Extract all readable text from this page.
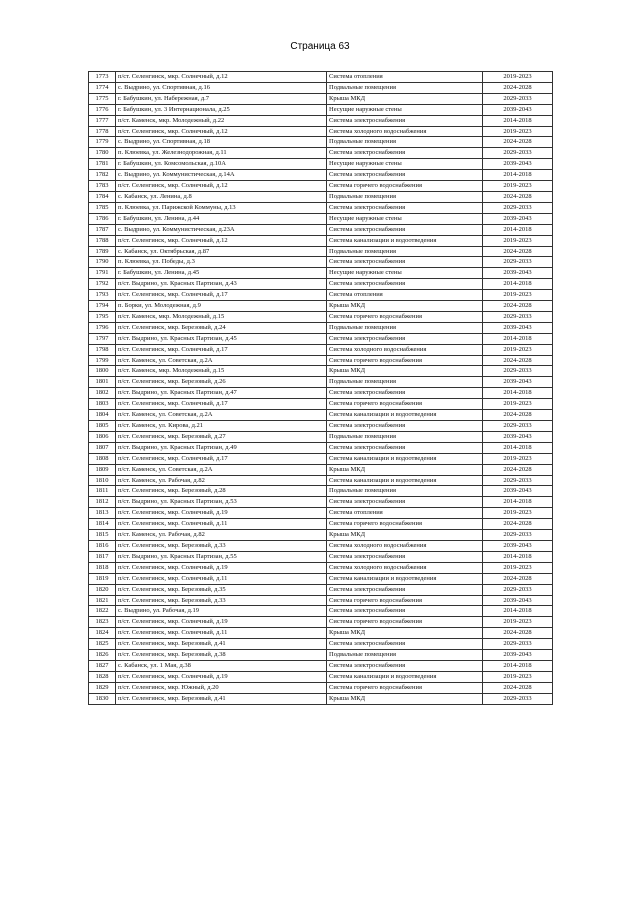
Страница 63
1773	п/ст. Селенгинск, мкр. Солнечный, д.12	Система отопления	2019-2023
1774	с. Выдрино, ул. Спортивная, д.16	Подвальные помещения	2024-2028
1775	г. Бабушкин, ул. Набережная, д.7	Крыша МКД	2029-2033
1776	г. Бабушкин, ул. 3 Интернационала, д.25	Несущие наружные стены	2039-2043
1777	п/ст. Каменск, мкр. Молодежный, д.22	Система электроснабжения	2014-2018
1778	п/ст. Селенгинск, мкр. Солнечный, д.12	Система холодного водоснабжения	2019-2023
1779	с. Выдрино, ул. Спортивная, д.18	Подвальные помещения	2024-2028
1780	п. Клюевка, ул. Железнодорожная, д.11	Система электроснабжения	2029-2033
1781	г. Бабушкин, ул. Комсомольская, д.10А	Несущие наружные стены	2039-2043
1782	с. Выдрино, ул. Коммунистическая, д.14А	Система электроснабжения	2014-2018
1783	п/ст. Селенгинск, мкр. Солнечный, д.12	Система горячего водоснабжения	2019-2023
1784	с. Кабанск, ул. Ленина, д.8	Подвальные помещения	2024-2028
1785	п. Клюевка, ул. Парижской Коммуны, д.13	Система электроснабжения	2029-2033
1786	г. Бабушкин, ул. Ленина, д.44	Несущие наружные стены	2039-2043
1787	с. Выдрино, ул. Коммунистическая, д.23А	Система электроснабжения	2014-2018
1788	п/ст. Селенгинск, мкр. Солнечный, д.12	Система канализации и водоотведения	2019-2023
1789	с. Кабанск, ул. Октябрьская, д.87	Подвальные помещения	2024-2028
1790	п. Клюевка, ул. Победы, д.3	Система электроснабжения	2029-2033
1791	г. Бабушкин, ул. Ленина, д.45	Несущие наружные стены	2039-2043
1792	п/ст. Выдрино, ул. Красных Партизан, д.43	Система электроснабжения	2014-2018
1793	п/ст. Селенгинск, мкр. Солнечный, д.17	Система отопления	2019-2023
1794	п. Борки, ул. Молодежная, д.9	Крыша МКД	2024-2028
1795	п/ст. Каменск, мкр. Молодежный, д.15	Система горячего водоснабжения	2029-2033
1796	п/ст. Селенгинск, мкр. Березовый, д.24	Подвальные помещения	2039-2043
1797	п/ст. Выдрино, ул. Красных Партизан, д.45	Система электроснабжения	2014-2018
1798	п/ст. Селенгинск, мкр. Солнечный, д.17	Система холодного водоснабжения	2019-2023
1799	п/ст. Каменск, ул. Советская, д.2А	Система горячего водоснабжения	2024-2028
1800	п/ст. Каменск, мкр. Молодежный, д.15	Крыша МКД	2029-2033
1801	п/ст. Селенгинск, мкр. Березовый, д.26	Подвальные помещения	2039-2043
1802	п/ст. Выдрино, ул. Красных Партизан, д.47	Система электроснабжения	2014-2018
1803	п/ст. Селенгинск, мкр. Солнечный, д.17	Система горячего водоснабжения	2019-2023
1804	п/ст. Каменск, ул. Советская, д.2А	Система канализации и водоотведения	2024-2028
1805	п/ст. Каменск, ул. Кирова, д.21	Система электроснабжения	2029-2033
1806	п/ст. Селенгинск, мкр. Березовый, д.27	Подвальные помещения	2039-2043
1807	п/ст. Выдрино, ул. Красных Партизан, д.49	Система электроснабжения	2014-2018
1808	п/ст. Селенгинск, мкр. Солнечный, д.17	Система канализации и водоотведения	2019-2023
1809	п/ст. Каменск, ул. Советская, д.2А	Крыша МКД	2024-2028
1810	п/ст. Каменск, ул. Рабочая, д.82	Система канализации и водоотведения	2029-2033
1811	п/ст. Селенгинск, мкр. Березовый, д.28	Подвальные помещения	2039-2043
1812	п/ст. Выдрино, ул. Красных Партизан, д.53	Система электроснабжения	2014-2018
1813	п/ст. Селенгинск, мкр. Солнечный, д.19	Система отопления	2019-2023
1814	п/ст. Селенгинск, мкр. Солнечный, д.11	Система горячего водоснабжения	2024-2028
1815	п/ст. Каменск, ул. Рабочая, д.82	Крыша МКД	2029-2033
1816	п/ст. Селенгинск, мкр. Березовый, д.33	Система холодного водоснабжения	2039-2043
1817	п/ст. Выдрино, ул. Красных Партизан, д.55	Система электроснабжения	2014-2018
1818	п/ст. Селенгинск, мкр. Солнечный, д.19	Система холодного водоснабжения	2019-2023
1819	п/ст. Селенгинск, мкр. Солнечный, д.11	Система канализации и водоотведения	2024-2028
1820	п/ст. Селенгинск, мкр. Березовый, д.35	Система электроснабжения	2029-2033
1821	п/ст. Селенгинск, мкр. Березовый, д.33	Система горячего водоснабжения	2039-2043
1822	с. Выдрино, ул. Рабочая, д.19	Система электроснабжения	2014-2018
1823	п/ст. Селенгинск, мкр. Солнечный, д.19	Система горячего водоснабжения	2019-2023
1824	п/ст. Селенгинск, мкр. Солнечный, д.11	Крыша МКД	2024-2028
1825	п/ст. Селенгинск, мкр. Березовый, д.41	Система электроснабжения	2029-2033
1826	п/ст. Селенгинск, мкр. Березовый, д.38	Подвальные помещения	2039-2043
1827	с. Кабанск, ул. 1 Мая, д.38	Система электроснабжения	2014-2018
1828	п/ст. Селенгинск, мкр. Солнечный, д.19	Система канализации и водоотведения	2019-2023
1829	п/ст. Селенгинск, мкр. Южный, д.20	Система горячего водоснабжения	2024-2028
1830	п/ст. Селенгинск, мкр. Березовый, д.41	Крыша МКД	2029-2033
